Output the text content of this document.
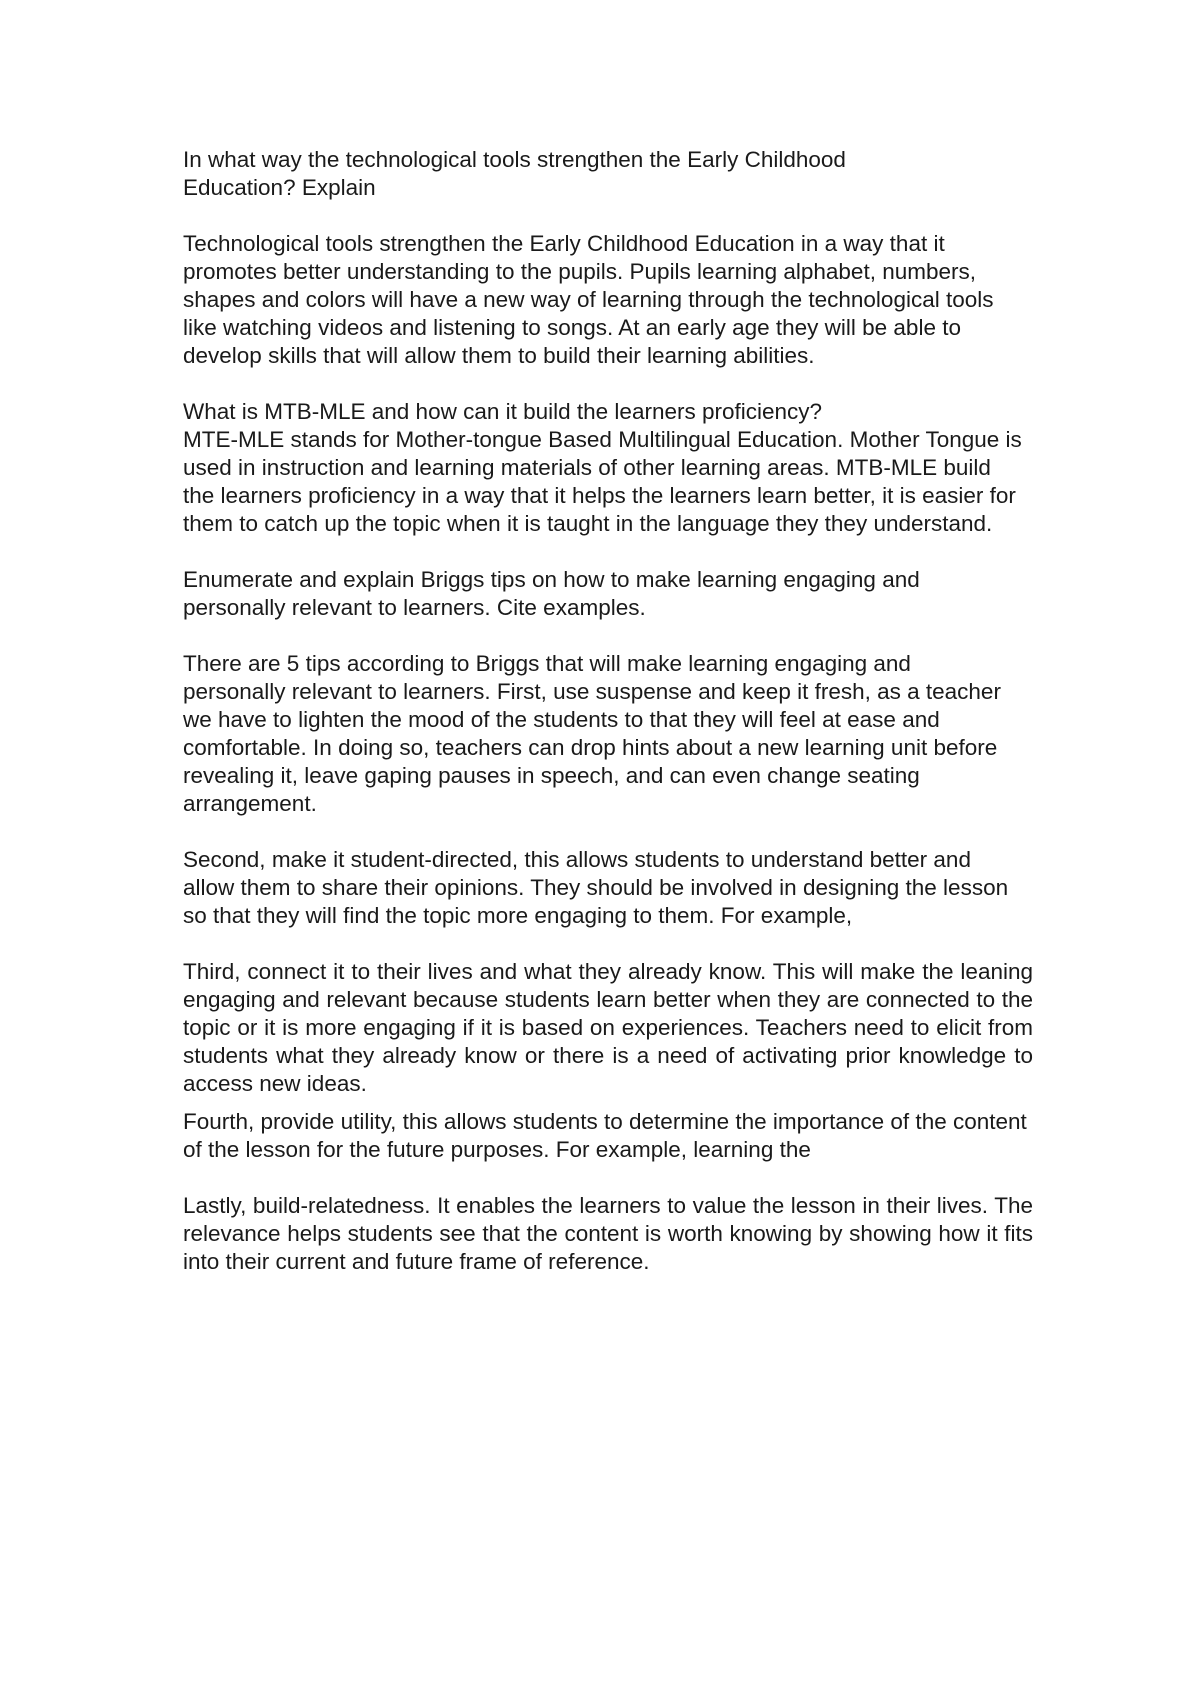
In what way the technological tools strengthen the Early Childhood Education? Explain

Technological tools strengthen the Early Childhood Education in a way that it promotes better understanding to the pupils. Pupils learning alphabet, numbers, shapes and colors will have a new way of learning through the technological tools like watching videos and listening to songs. At an early age they will be able to develop skills that will allow them to build their learning abilities.

What is MTB-MLE and how can it build the learners proficiency?

MTE-MLE stands for Mother-tongue Based Multilingual Education. Mother Tongue is used in instruction and learning materials of other learning areas. MTB-MLE build the learners proficiency in a way that it helps the learners learn better, it is easier for them to catch up the topic when it is taught in the language they they understand.

Enumerate and explain Briggs tips on how to make learning engaging and personally relevant to learners. Cite examples.

There are 5 tips according to Briggs that will make learning engaging and personally relevant to learners. First, use suspense and keep it fresh, as a teacher we have to lighten the mood of the students to that they will feel at ease and comfortable. In doing so, teachers can drop hints about a new learning unit before revealing it, leave gaping pauses in speech, and can even change seating arrangement.

Second, make it student-directed, this allows students to understand better and allow them to share their opinions. They should be involved in designing the lesson so that they will find the topic more engaging to them. For example,

Third, connect it to their lives and what they already know. This will make the leaning engaging and relevant because students learn better when they are connected to the topic or it is more engaging if it is based on experiences. Teachers need to elicit from students what they already know or there is a need of activating prior knowledge to access new ideas.

Fourth, provide utility, this allows students to determine the importance of the content of the lesson for the future purposes. For example, learning the

Lastly, build-relatedness. It enables the learners to value the lesson in their lives. The relevance helps students see that the content is worth knowing by showing how it fits into their current and future frame of reference.
